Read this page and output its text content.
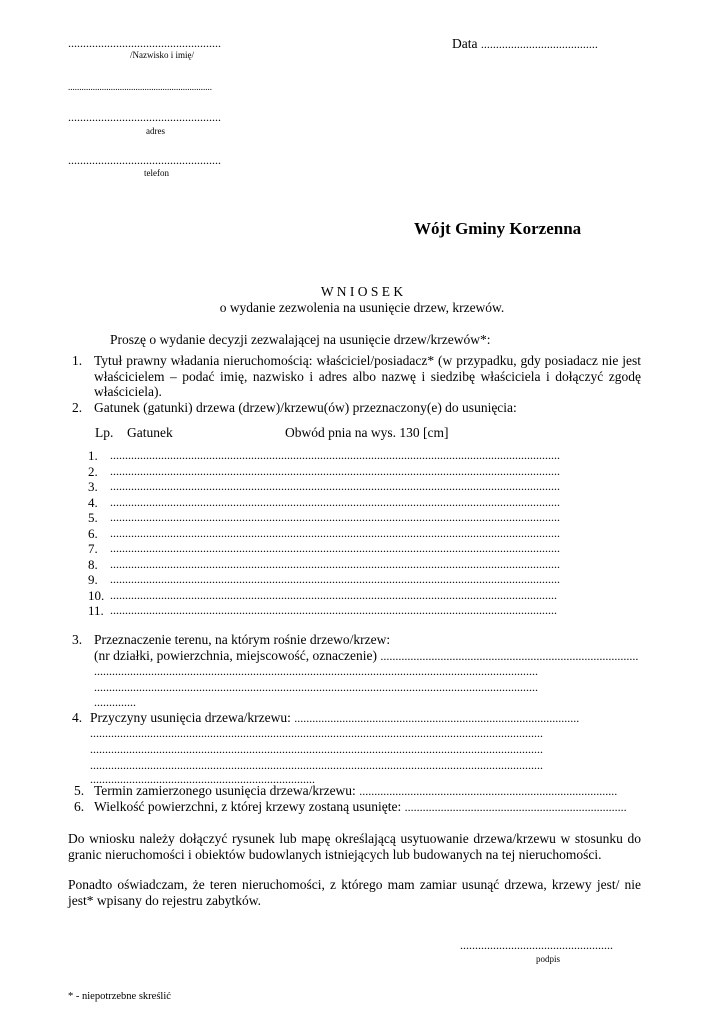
...................................................
/Nazwisko i imię/
Data .......................................
................................................................
...................................................
adres
...................................................
telefon
Wójt Gminy Korzenna
W N I O S E K
o wydanie zezwolenia na usunięcie drzew, krzewów.
Proszę o wydanie decyzji zezwalającej na usunięcie drzew/krzewów*:
1. Tytuł prawny władania nieruchomością: właściciel/posiadacz* (w przypadku, gdy posiadacz nie jest właścicielem – podać imię, nazwisko i adres albo nazwę i siedzibę właściciela i dołączyć zgodę właściciela).
2. Gatunek (gatunki) drzewa (drzew)/krzewu(ów) przeznaczony(e) do usunięcia:
Lp. Gatunek	Obwód pnia na wys. 130 [cm]
1. ......................................................................................................................................................
2. ......................................................................................................................................................
3. ......................................................................................................................................................
4. ......................................................................................................................................................
5. ......................................................................................................................................................
6. ......................................................................................................................................................
7. ......................................................................................................................................................
8. ......................................................................................................................................................
9. ......................................................................................................................................................
10. .....................................................................................................................................................
11. .....................................................................................................................................................
3. Przeznaczenie terenu, na którym rośnie drzewo/krzew:
(nr działki, powierzchnia, miejscowość, oznaczenie) ......................................................................................
....................................................................................................................................................
....................................................................................................................................................
..............
4. Przyczyny usunięcia drzewa/krzewu: ...............................................................................................
.......................................................................................................................................................
.......................................................................................................................................................
.......................................................................................................................................................
...........................................................................
5. Termin zamierzonego usunięcia drzewa/krzewu: ......................................................................................
6. Wielkość powierzchni, z której krzewy zostaną usunięte: ..........................................................................
Do wniosku należy dołączyć rysunek lub mapę określającą usytuowanie drzewa/krzewu w stosunku do granic nieruchomości i obiektów budowlanych istniejących lub budowanych na tej nieruchomości.
Ponadto oświadczam, że teren nieruchomości, z którego mam zamiar usunąć drzewa, krzewy jest/ nie jest* wpisany do rejestru zabytków.
...................................................
podpis
* - niepotrzebne skreślić
